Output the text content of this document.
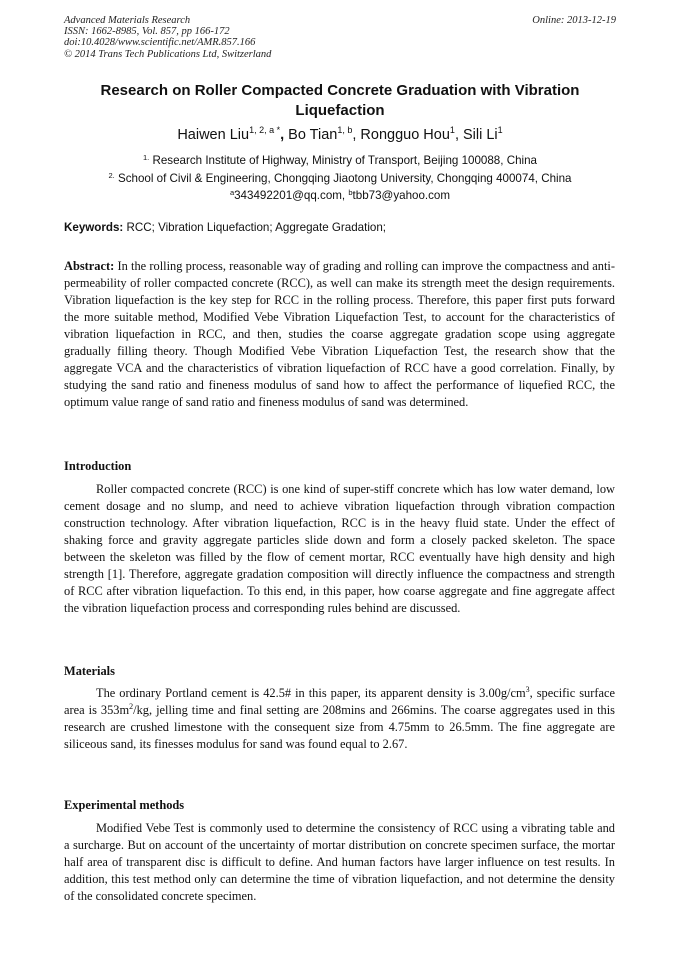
Advanced Materials Research
ISSN: 1662-8985, Vol. 857, pp 166-172
doi:10.4028/www.scientific.net/AMR.857.166
© 2014 Trans Tech Publications Ltd, Switzerland
Online: 2013-12-19
Research on Roller Compacted Concrete Graduation with Vibration Liquefaction
Haiwen Liu$^{1, 2, a *}$, Bo Tian$^{1, b}$, Rongguo Hou$^1$, Sili Li$^1$
$^{1.}$ Research Institute of Highway, Ministry of Transport, Beijing 100088, China
$^{2.}$ School of Civil & Engineering, Chongqing Jiaotong University, Chongqing 400074, China
$^a$343492201@qq.com, $^b$tbb73@yahoo.com
Keywords: RCC; Vibration Liquefaction; Aggregate Gradation;
Abstract: In the rolling process, reasonable way of grading and rolling can improve the compactness and anti-permeability of roller compacted concrete (RCC), as well can make its strength meet the design requirements. Vibration liquefaction is the key step for RCC in the rolling process. Therefore, this paper first puts forward the more suitable method, Modified Vebe Vibration Liquefaction Test, to account for the characteristics of vibration liquefaction in RCC, and then, studies the coarse aggregate gradation scope using aggregate gradually filling theory. Though Modified Vebe Vibration Liquefaction Test, the research show that the aggregate VCA and the characteristics of vibration liquefaction of RCC have a good correlation. Finally, by studying the sand ratio and fineness modulus of sand how to affect the performance of liquefied RCC, the optimum value range of sand ratio and fineness modulus of sand was determined.
Introduction
Roller compacted concrete (RCC) is one kind of super-stiff concrete which has low water demand, low cement dosage and no slump, and need to achieve vibration liquefaction through vibration compaction construction technology. After vibration liquefaction, RCC is in the heavy fluid state. Under the effect of shaking force and gravity aggregate particles slide down and form a closely packed skeleton. The space between the skeleton was filled by the flow of cement mortar, RCC eventually have high density and high strength [1]. Therefore, aggregate gradation composition will directly influence the compactness and strength of RCC after vibration liquefaction. To this end, in this paper, how coarse aggregate and fine aggregate affect the vibration liquefaction process and corresponding rules behind are discussed.
Materials
The ordinary Portland cement is 42.5# in this paper, its apparent density is $3.00g/cm^3$, specific surface area is $353m^2/kg$, jelling time and final setting are 208mins and 266mins. The coarse aggregates used in this research are crushed limestone with the consequent size from 4.75mm to 26.5mm. The fine aggregate are siliceous sand, its finesses modulus for sand was found equal to 2.67.
Experimental methods
Modified Vebe Test is commonly used to determine the consistency of RCC using a vibrating table and a surcharge. But on account of the uncertainty of mortar distribution on concrete specimen surface, the mortar half area of transparent disc is difficult to define. And human factors have larger influence on test results. In addition, this test method only can determine the time of vibration liquefaction, and not determine the density of the consolidated concrete specimen.
